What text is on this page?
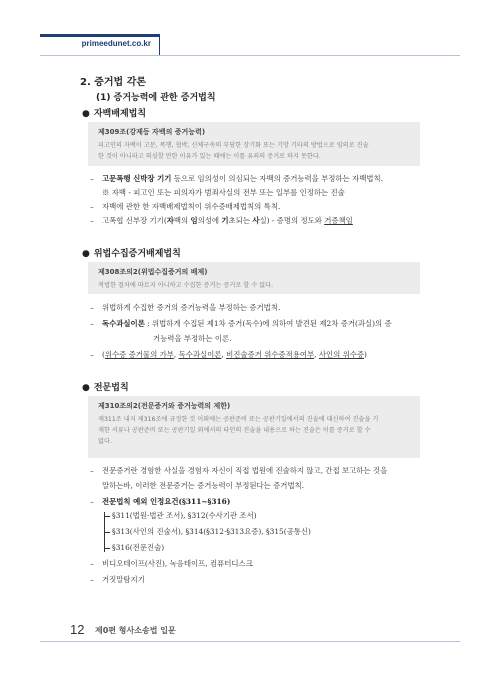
primeedunet.co.kr
2. 증거법 각론
(1) 증거능력에 관한 증거법칙
● 자백배제법칙
제309조(강제등 자백의 증거능력)
피고인의 자백이 고문, 폭행, 협박, 신체구속의 부당한 장기화 또는 기망 기타의 방법으로 임의로 진술
한 것이 아니라고 의심할 만한 이유가 있는 때에는 이를 유죄의 증거로 하지 못한다.
– 고문폭행 신박장 기기 등으로 임의성이 의심되는 자백의 증거능력을 부정하는 자백법칙.
※ 자백 - 피고인 또는 피의자가 범죄사실의 전부 또는 일부를 인정하는 진술
– 자백에 관한 한 자백배제법칙이 위수증배제법칙의 특칙.
– 고폭협 신부장 기기(자백의 임의성에 기초되는 사실) - 증명의 정도와 거증책임
● 위법수집증거배제법칙
제308조의2(위법수집증거의 배제)
적법한 절차에 따르지 아니하고 수집한 증거는 증거로 할 수 없다.
– 위법하게 수집한 증거의 증거능력을 부정하는 증거법칙.
– 독수과실이론 : 위법하게 수집된 제1차 증거(독수)에 의하여 발견된 제2차 증거(과실)의 증
거능력을 부정하는 이론.
– (위수증 증거물의 가부, 독수과실이론, 비진술증거 위수증적용여부, 사인의 위수증)
● 전문법칙
제310조의2(전문증거와 증거능력의 제한)
제311조 내지 제316조에 규정한 것 이외에는 공판준비 또는 공판기일에서의 진술에 대신하여 진술을 기
재한 서류나 공판준비 또는 공판기일 외에서의 타인의 진술을 내용으로 하는 진술은 이를 증거로 할 수
없다.
– 전문증거란 경험한 사실을 경험자 자신이 직접 법원에 진술하지 않고, 간접 보고하는 것을
말하는바, 이러한 전문증거는 증거능력이 부정된다는 증거법칙.
– 전문법칙 예외 인정요건(§311~§316)
§311(법원·법관 조서), §312(수사기관 조서)
§313(사인의 진술서), §314(§312·§313요증), §315(공통신)
§316(전문진술)
– 비디오테이프(사진), 녹음테이프, 컴퓨터디스크
– 거짓말탐지기
12 제0편 형사소송법 입문
